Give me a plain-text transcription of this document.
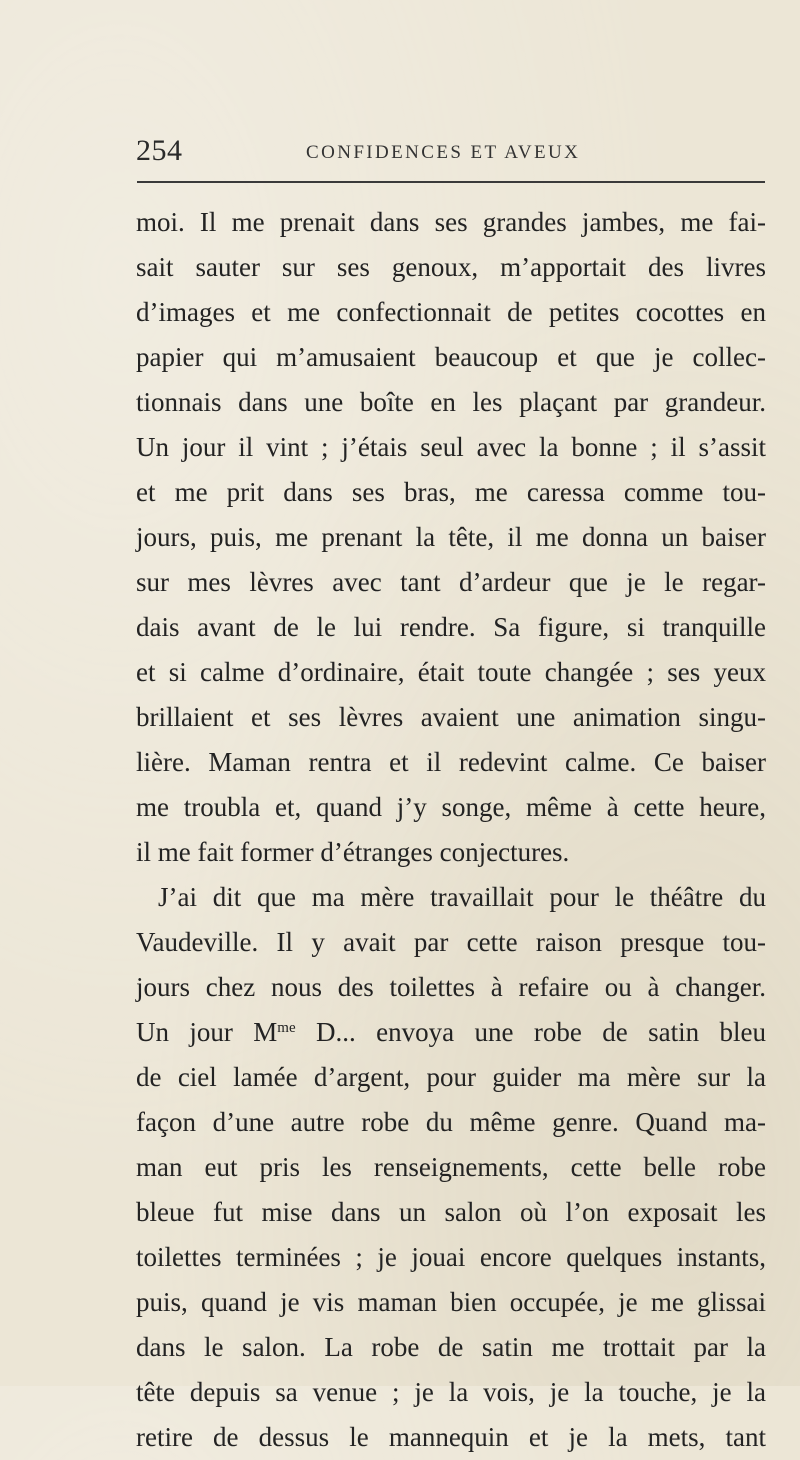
254	CONFIDENCES ET AVEUX
moi. Il me prenait dans ses grandes jambes, me fai-
sait sauter sur ses genoux, m’apportait des livres
d’images et me confectionnait de petites cocottes en
papier qui m’amusaient beaucoup et que je collec-
tionnais dans une boîte en les plaçant par grandeur.
Un jour il vint ; j’étais seul avec la bonne ; il s’assit
et me prit dans ses bras, me caressa comme tou-
jours, puis, me prenant la tête, il me donna un baiser
sur mes lèvres avec tant d’ardeur que je le regar-
dais avant de le lui rendre. Sa figure, si tranquille
et si calme d’ordinaire, était toute changée ; ses yeux
brillaient et ses lèvres avaient une animation singu-
lière. Maman rentra et il redevint calme. Ce baiser
me troubla et, quand j’y songe, même à cette heure,
il me fait former d’étranges conjectures.
J’ai dit que ma mère travaillait pour le théâtre du
Vaudeville. Il y avait par cette raison presque tou-
jours chez nous des toilettes à refaire ou à changer.
Un jour $M^{me}$ D... envoya une robe de satin bleu
de ciel lamée d’argent, pour guider ma mère sur la
façon d’une autre robe du même genre. Quand ma-
man eut pris les renseignements, cette belle robe
bleue fut mise dans un salon où l’on exposait les
toilettes terminées ; je jouai encore quelques instants,
puis, quand je vis maman bien occupée, je me glissai
dans le salon. La robe de satin me trottait par la
tête depuis sa venue ; je la vois, je la touche, je la
retire de dessus le mannequin et je la mets, tant
